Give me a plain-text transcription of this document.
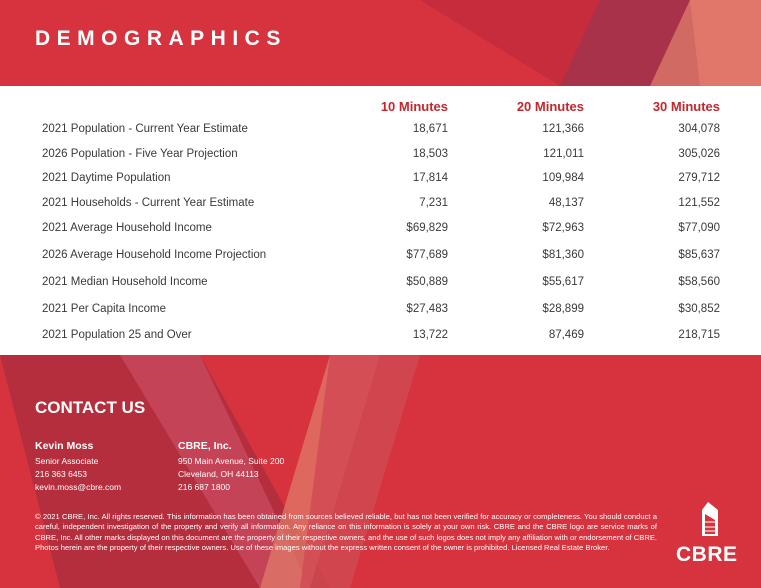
DEMOGRAPHICS
10 Minutes	20 Minutes	30 Minutes
2021 Population - Current Year Estimate	18,671	121,366	304,078
2026 Population - Five Year Projection	18,503	121,011	305,026
2021 Daytime Population	17,814	109,984	279,712
2021 Households - Current Year Estimate	7,231	48,137	121,552
2021 Average Household Income	$69,829	$72,963	$77,090
2026 Average Household Income Projection	$77,689	$81,360	$85,637
2021 Median Household Income	$50,889	$55,617	$58,560
2021 Per Capita Income	$27,483	$28,899	$30,852
2021 Population 25 and Over	13,722	87,469	218,715
CONTACT US
Kevin Moss
Senior Associate
216 363 6453
kevin.moss@cbre.com
CBRE, Inc.
950 Main Avenue, Suite 200
Cleveland, OH 44113
216 687 1800
© 2021 CBRE, Inc. All rights reserved. This information has been obtained from sources believed reliable, but has not been verified for accuracy or completeness. You should conduct a careful, independent investigation of the property and verify all information. Any reliance on this information is solely at your own risk. CBRE and the CBRE logo are service marks of CBRE, Inc. All other marks displayed on this document are the property of their respective owners, and the use of such logos does not imply any affiliation with or endorsement of CBRE. Photos herein are the property of their respective owners. Use of these images without the express written consent of the owner is prohibited. Licensed Real Estate Broker.	CBRE
